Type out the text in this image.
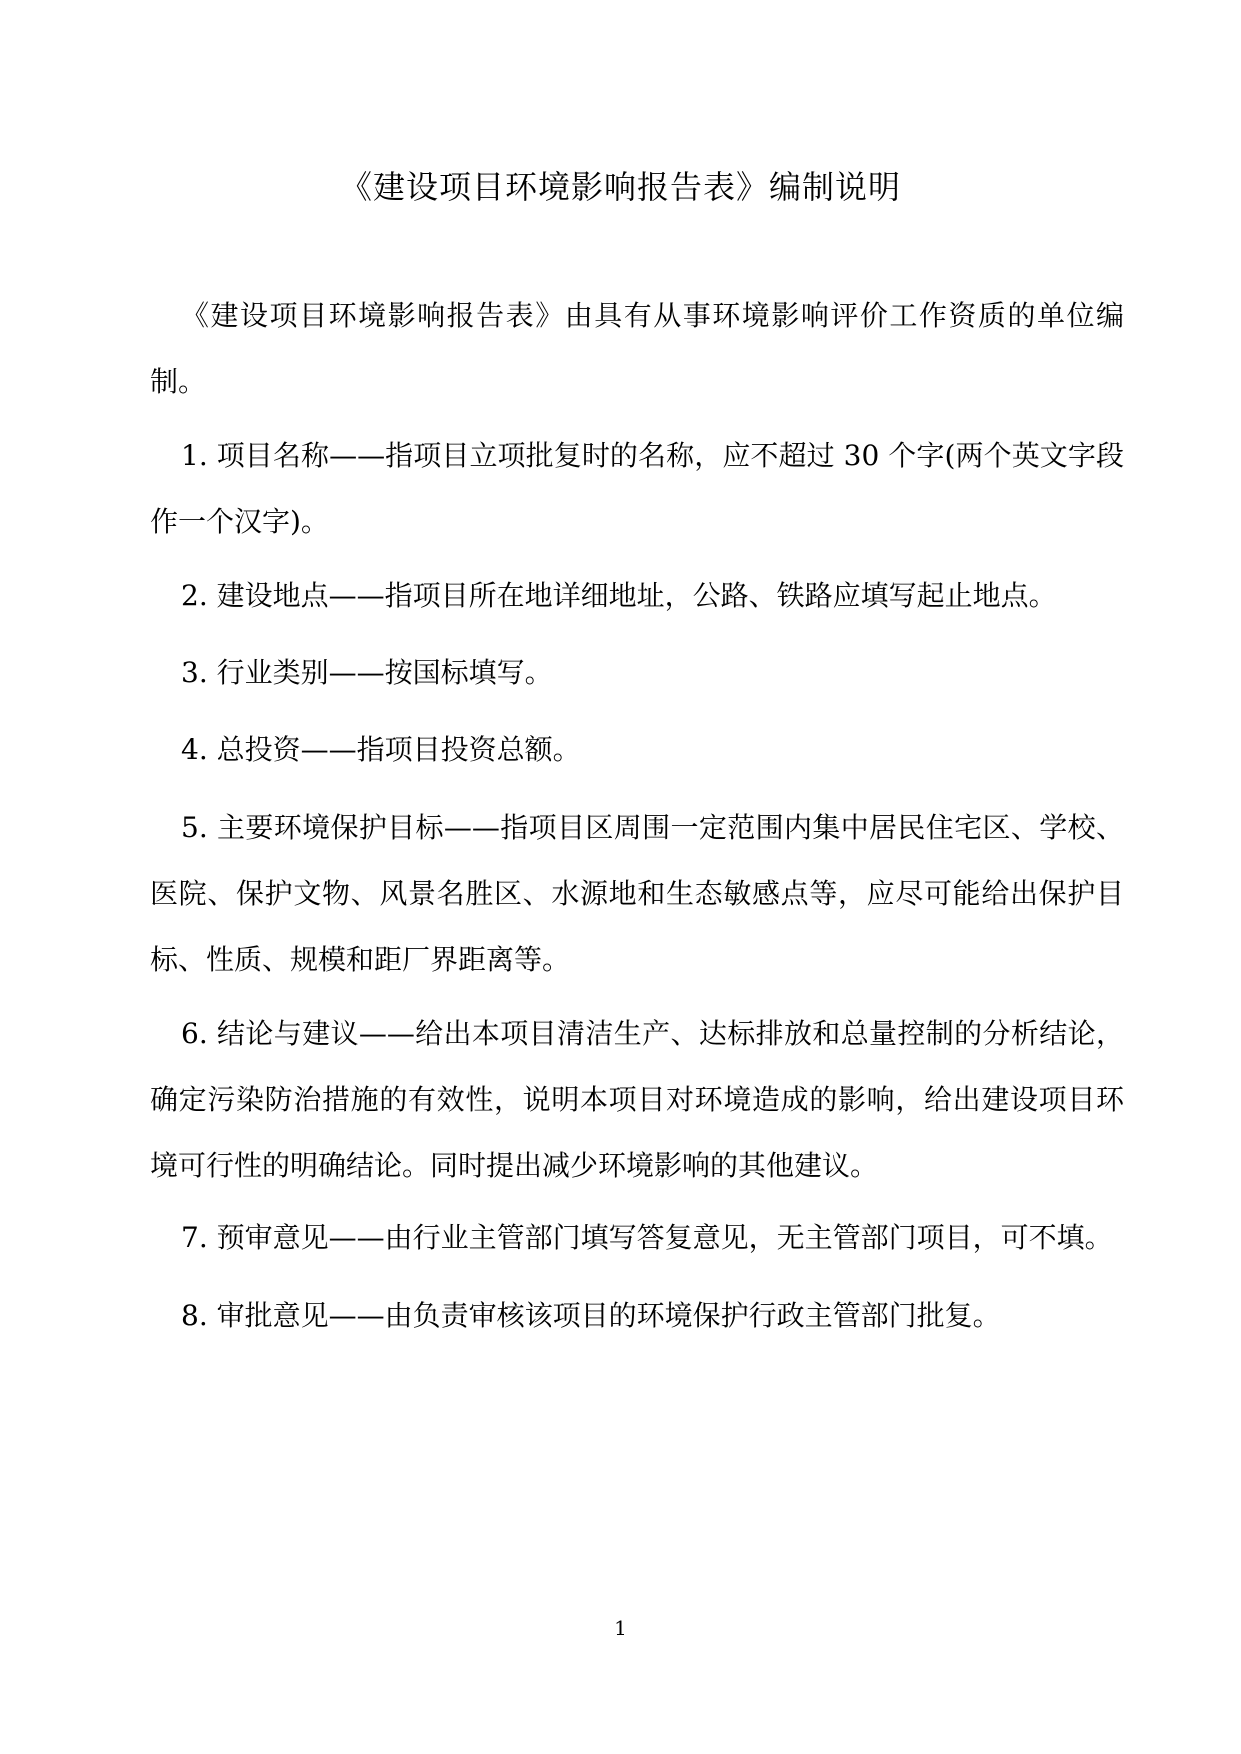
《建设项目环境影响报告表》编制说明

《建设项目环境影响报告表》由具有从事环境影响评价工作资质的单位编制。

1. 项目名称——指项目立项批复时的名称，应不超过 30 个字(两个英文字段作一个汉字)。

2. 建设地点——指项目所在地详细地址，公路、铁路应填写起止地点。

3. 行业类别——按国标填写。

4. 总投资——指项目投资总额。

5. 主要环境保护目标——指项目区周围一定范围内集中居民住宅区、学校、医院、保护文物、风景名胜区、水源地和生态敏感点等，应尽可能给出保护目标、性质、规模和距厂界距离等。

6. 结论与建议——给出本项目清洁生产、达标排放和总量控制的分析结论，确定污染防治措施的有效性，说明本项目对环境造成的影响，给出建设项目环境可行性的明确结论。同时提出减少环境影响的其他建议。

7. 预审意见——由行业主管部门填写答复意见，无主管部门项目，可不填。

8. 审批意见——由负责审核该项目的环境保护行政主管部门批复。

1
